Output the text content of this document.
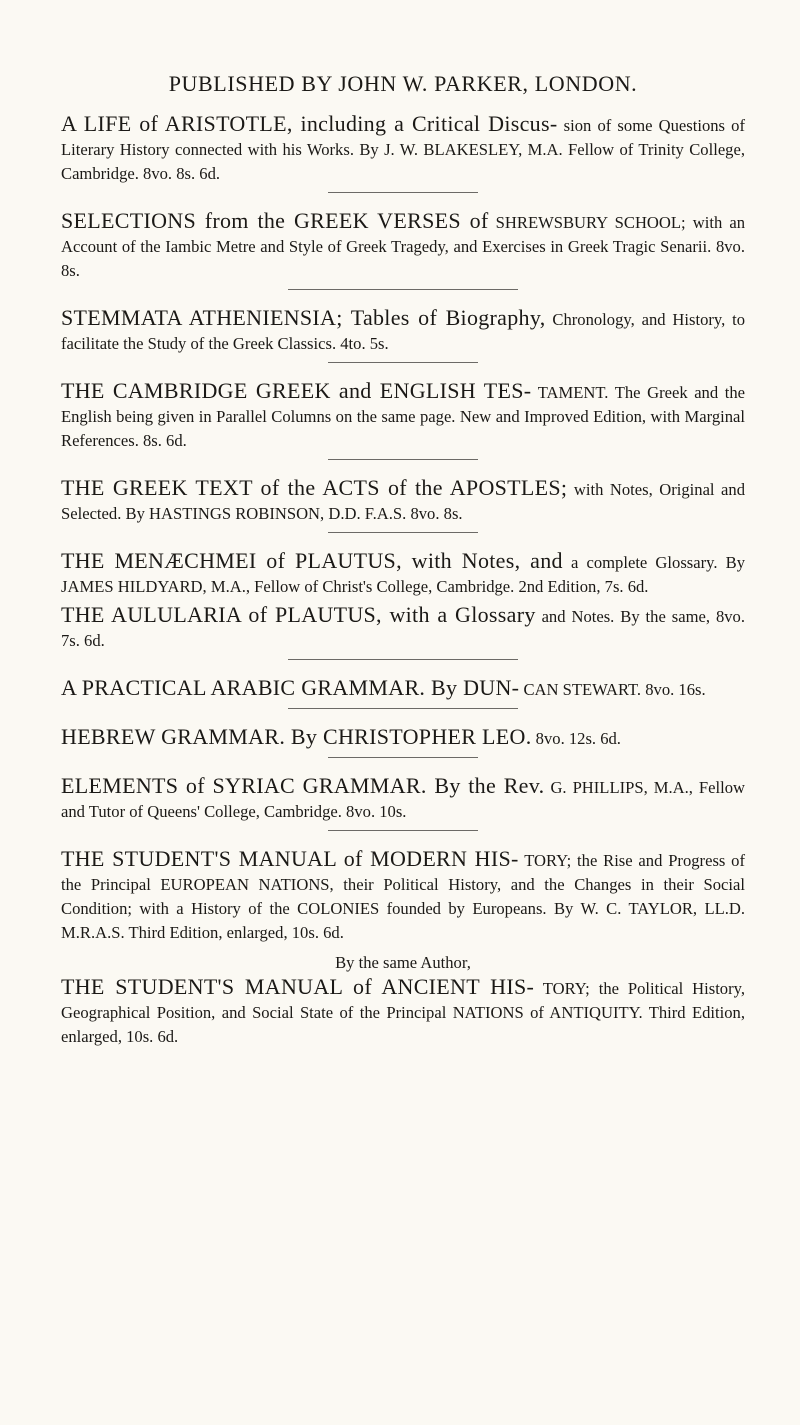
PUBLISHED BY JOHN W. PARKER, LONDON.
A LIFE of ARISTOTLE, including a Critical Discus- sion of some Questions of Literary History connected with his Works. By J. W. BLAKESLEY, M.A. Fellow of Trinity College, Cambridge. 8vo. 8s. 6d.
SELECTIONS from the GREEK VERSES of SHREWSBURY SCHOOL; with an Account of the Iambic Metre and Style of Greek Tragedy, and Exercises in Greek Tragic Senarii. 8vo. 8s.
STEMMATA ATHENIENSIA; Tables of Biography, Chronology, and History, to facilitate the Study of the Greek Classics. 4to. 5s.
THE CAMBRIDGE GREEK and ENGLISH TES- TAMENT. The Greek and the English being given in Parallel Columns on the same page. New and Improved Edition, with Marginal References. 8s. 6d.
THE GREEK TEXT of the ACTS of the APOSTLES; with Notes, Original and Selected. By HASTINGS ROBINSON, D.D. F.A.S. 8vo. 8s.
THE MENÆCHMEI of PLAUTUS, with Notes, and a complete Glossary. By JAMES HILDYARD, M.A., Fellow of Christ's College, Cambridge. 2nd Edition, 7s. 6d.
THE AULULARIA of PLAUTUS, with a Glossary and Notes. By the same, 8vo. 7s. 6d.
A PRACTICAL ARABIC GRAMMAR. By DUN- CAN STEWART. 8vo. 16s.
HEBREW GRAMMAR. By CHRISTOPHER LEO. 8vo. 12s. 6d.
ELEMENTS of SYRIAC GRAMMAR. By the Rev. G. PHILLIPS, M.A., Fellow and Tutor of Queens' College, Cambridge. 8vo. 10s.
THE STUDENT'S MANUAL of MODERN HIS- TORY; the Rise and Progress of the Principal EUROPEAN NATIONS, their Political History, and the Changes in their Social Condition; with a History of the COLONIES founded by Europeans. By W. C. TAYLOR, LL.D. M.R.A.S. Third Edition, enlarged, 10s. 6d.
By the same Author,
THE STUDENT'S MANUAL of ANCIENT HIS- TORY; the Political History, Geographical Position, and Social State of the Principal NATIONS of ANTIQUITY. Third Edition, enlarged, 10s. 6d.
